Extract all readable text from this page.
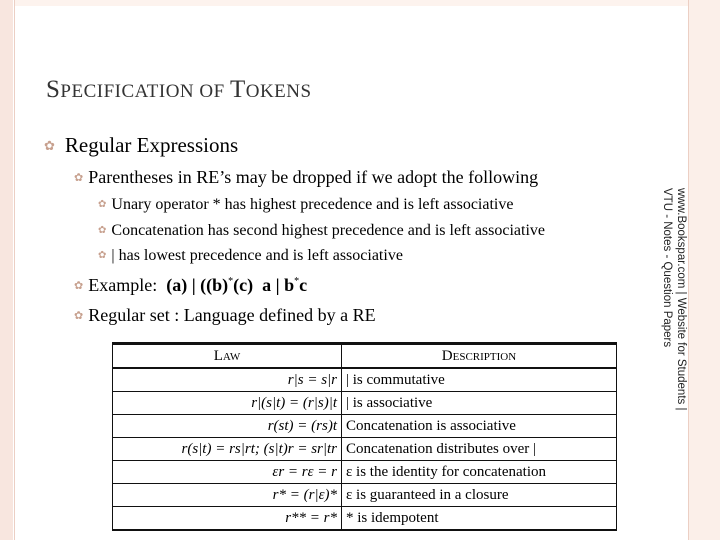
www.Bookspar.com | Website for Students |
VTU - Notes - Question Papers
SPECIFICATION OF TOKENS
✿ Regular Expressions
✿ Parentheses in RE’s may be dropped if we adopt the following
✿ Unary operator * has highest precedence and is left associative
✿ Concatenation has second highest precedence and is left associative
✿ | has lowest precedence and is left associative
✿ Example: (a) | ((b)*(c) a | b*c
✿ Regular set : Language defined by a RE
Law	Description
r|s = s|r	| is commutative
r|(s|t) = (r|s)|t	| is associative
r(st) = (rs)t	Concatenation is associative
r(s|t) = rs|rt; (s|t)r = sr|tr	Concatenation distributes over |
εr = rε = r	ε is the identity for concatenation
r* = (r|ε)*	ε is guaranteed in a closure
r** = r*	* is idempotent
